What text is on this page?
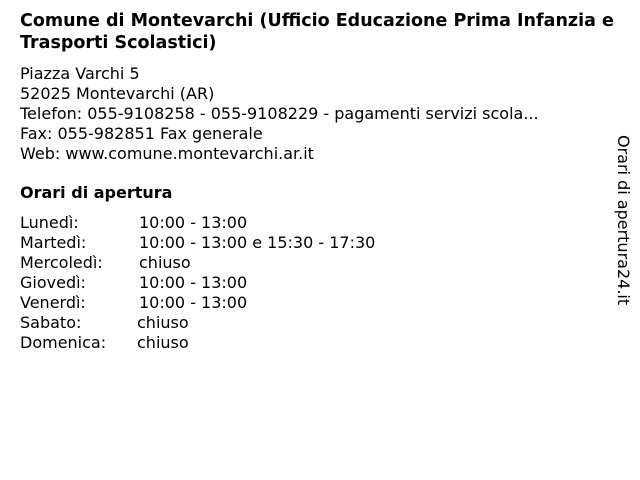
Comune di Montevarchi (Ufficio Educazione Prima Infanzia e Trasporti Scolastici)
Piazza Varchi 5
52025 Montevarchi (AR)
Telefon: 055-9108258 - 055-9108229 - pagamenti servizi scola...
Fax: 055-982851 Fax generale
Web: www.comune.montevarchi.ar.it
Orari di apertura
Lunedì:	10:00 - 13:00
Martedì:	10:00 - 13:00 e 15:30 - 17:30
Mercoledì: chiuso
Giovedì:	10:00 - 13:00
Venerdì:	10:00 - 13:00
Sabato:	chiuso
Domenica: chiuso
Orari di apertura24.it
